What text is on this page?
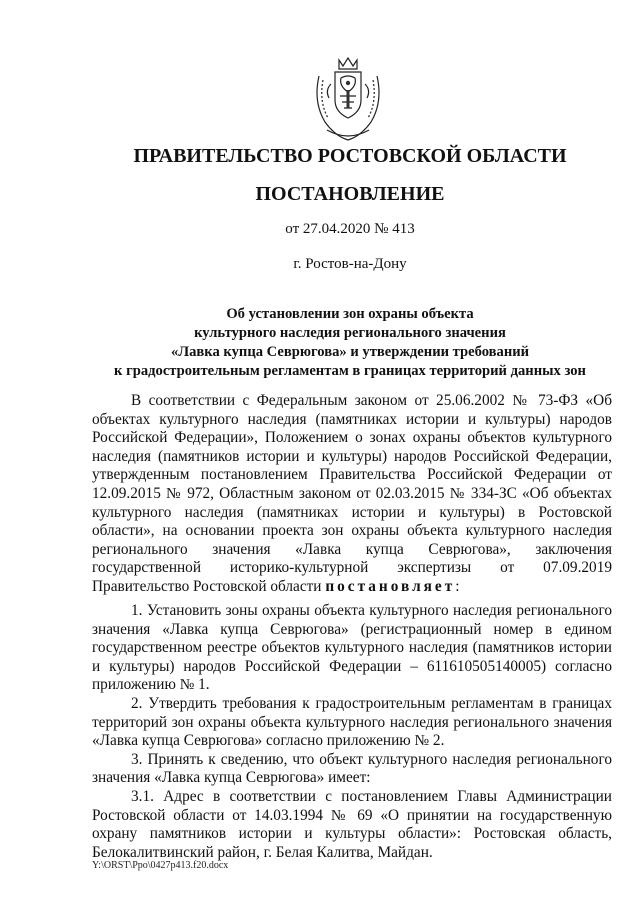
ПРАВИТЕЛЬСТВО РОСТОВСКОЙ ОБЛАСТИ
ПОСТАНОВЛЕНИЕ
от 27.04.2020 № 413
г. Ростов-на-Дону
Об установлении зон охраны объекта
культурного наследия регионального значения
«Лавка купца Севрюгова» и утверждении требований
к градостроительным регламентам в границах территорий данных зон

В соответствии с Федеральным законом от 25.06.2002 № 73-ФЗ «Об объектах культурного наследия (памятниках истории и культуры) народов Российской Федерации», Положением о зонах охраны объектов культурного наследия (памятников истории и культуры) народов Российской Федерации, утвержденным постановлением Правительства Российской Федерации от 12.09.2015 № 972, Областным законом от 02.03.2015 № 334-ЗС «Об объектах культурного наследия (памятниках истории и культуры) в Ростовской области», на основании проекта зон охраны объекта культурного наследия регионального значения «Лавка купца Севрюгова», заключения государственной историко-культурной экспертизы от 07.09.2019 Правительство Ростовской области постановляет:

1. Установить зоны охраны объекта культурного наследия регионального значения «Лавка купца Севрюгова» (регистрационный номер в едином государственном реестре объектов культурного наследия (памятников истории и культуры) народов Российской Федерации – 611610505140005) согласно приложению № 1.

2. Утвердить требования к градостроительным регламентам в границах территорий зон охраны объекта культурного наследия регионального значения «Лавка купца Севрюгова» согласно приложению № 2.

3. Принять к сведению, что объект культурного наследия регионального значения «Лавка купца Севрюгова» имеет:

3.1. Адрес в соответствии с постановлением Главы Администрации Ростовской области от 14.03.1994 № 69 «О принятии на государственную охрану памятников истории и культуры области»: Ростовская область, Белокалитвинский район, г. Белая Калитва, Майдан.

Y:\ORST\Ppo\0427p413.f20.docx
